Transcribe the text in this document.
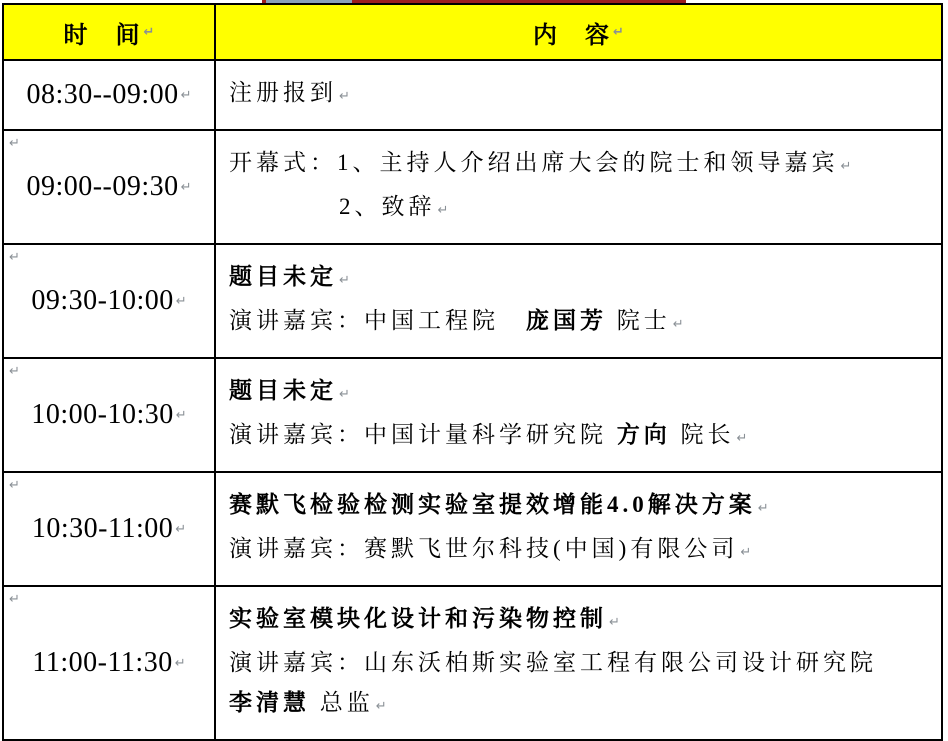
时　间 ↵	内　容 ↵
08:30--09:00 ↵ 注册报到 ↵
↵
09:00--09:30 ↵
开幕式：1、主持人介绍出席大会的院士和领导嘉宾 ↵
2、致辞 ↵
↵
09:30-10:00 ↵
题目未定 ↵
演讲嘉宾：中国工程院　庞国芳 院士 ↵
↵
10:00-10:30 ↵
题目未定 ↵
演讲嘉宾：中国计量科学研究院 方向 院长 ↵
↵
10:30-11:00 ↵
赛默飞检验检测实验室提效增能4.0解决方案 ↵
演讲嘉宾：赛默飞世尔科技(中国)有限公司 ↵
↵
11:00-11:30 ↵
实验室模块化设计和污染物控制 ↵
演讲嘉宾：山东沃柏斯实验室工程有限公司设计研究院
李清慧 总监 ↵
